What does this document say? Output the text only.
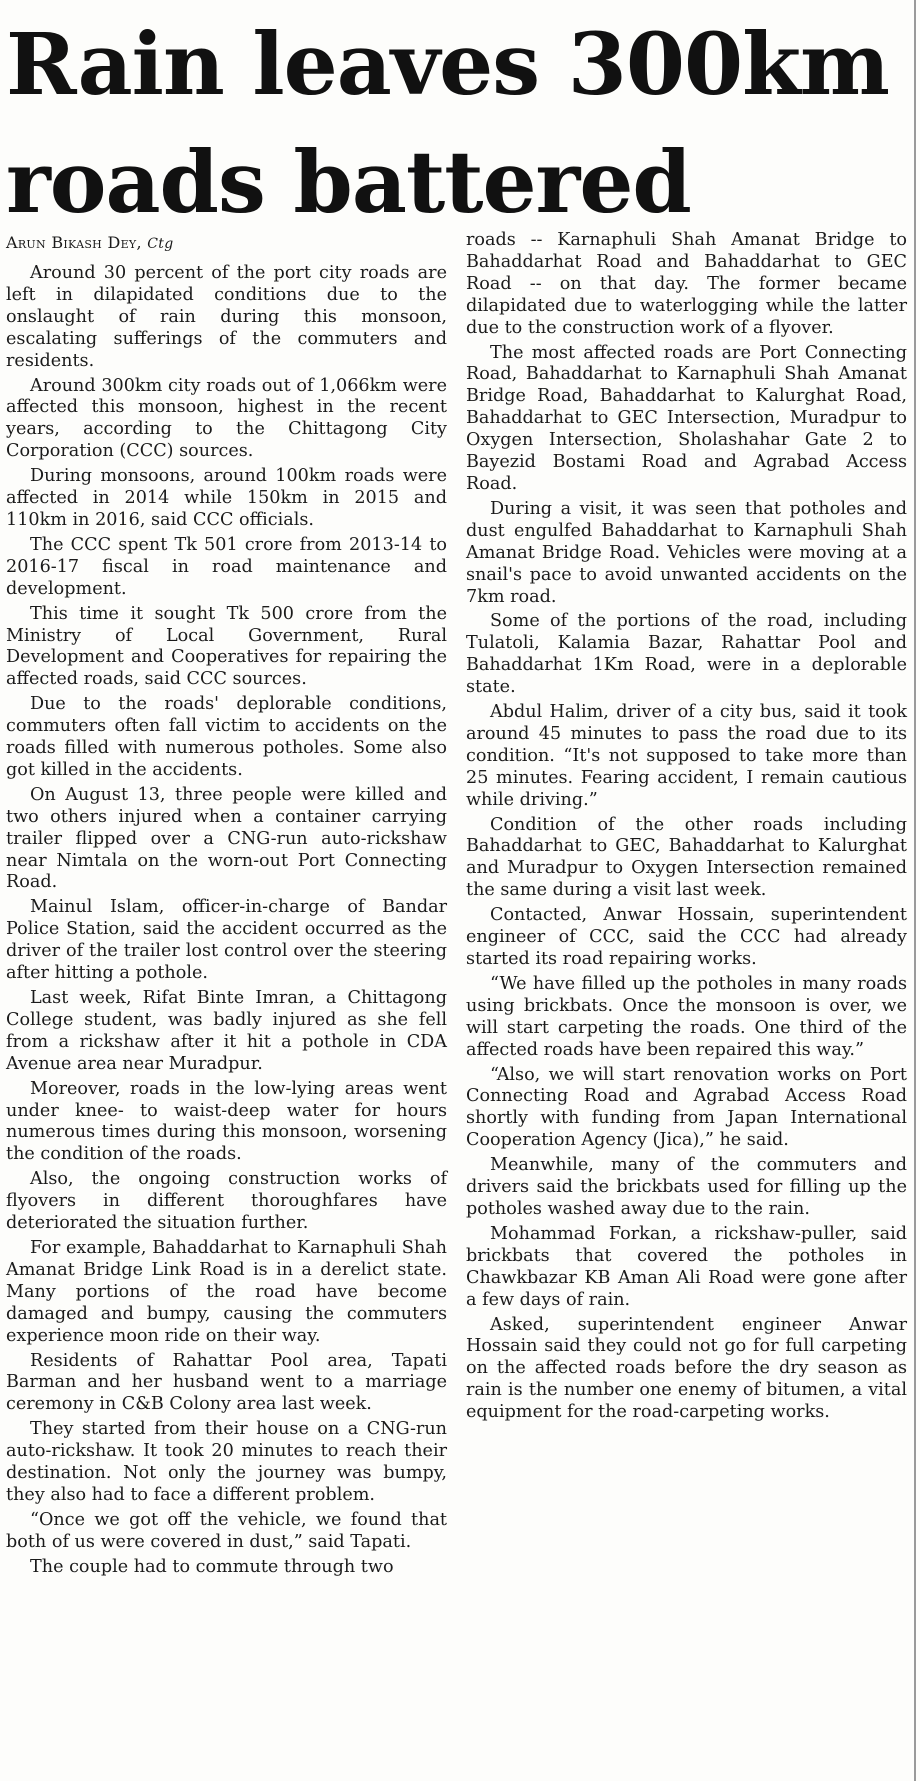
Rain leaves 300km roads battered
Arun Bikash Dey, Ctg

Around 30 percent of the port city roads are left in dilapidated conditions due to the onslaught of rain during this monsoon, escalating sufferings of the commuters and residents.

Around 300km city roads out of 1,066km were affected this monsoon, highest in the recent years, according to the Chittagong City Corporation (CCC) sources.

During monsoons, around 100km roads were affected in 2014 while 150km in 2015 and 110km in 2016, said CCC officials.

The CCC spent Tk 501 crore from 2013-14 to 2016-17 fiscal in road maintenance and development.

This time it sought Tk 500 crore from the Ministry of Local Government, Rural Development and Cooperatives for repairing the affected roads, said CCC sources.

Due to the roads' deplorable conditions, commuters often fall victim to accidents on the roads filled with numerous potholes. Some also got killed in the accidents.

On August 13, three people were killed and two others injured when a container carrying trailer flipped over a CNG-run auto-rickshaw near Nimtala on the worn-out Port Connecting Road.

Mainul Islam, officer-in-charge of Bandar Police Station, said the accident occurred as the driver of the trailer lost control over the steering after hitting a pothole.

Last week, Rifat Binte Imran, a Chittagong College student, was badly injured as she fell from a rickshaw after it hit a pothole in CDA Avenue area near Muradpur.

Moreover, roads in the low-lying areas went under knee- to waist-deep water for hours numerous times during this monsoon, worsening the condition of the roads.

Also, the ongoing construction works of flyovers in different thoroughfares have deteriorated the situation further.

For example, Bahaddarhat to Karnaphuli Shah Amanat Bridge Link Road is in a derelict state. Many portions of the road have become damaged and bumpy, causing the commuters experience moon ride on their way.

Residents of Rahattar Pool area, Tapati Barman and her husband went to a marriage ceremony in C&B Colony area last week.

They started from their house on a CNG-run auto-rickshaw. It took 20 minutes to reach their destination. Not only the journey was bumpy, they also had to face a different problem.

“Once we got off the vehicle, we found that both of us were covered in dust,” said Tapati.

The couple had to commute through two

roads -- Karnaphuli Shah Amanat Bridge to Bahaddarhat Road and Bahaddarhat to GEC Road -- on that day. The former became dilapidated due to waterlogging while the latter due to the construction work of a flyover.

The most affected roads are Port Connecting Road, Bahaddarhat to Karnaphuli Shah Amanat Bridge Road, Bahaddarhat to Kalurghat Road, Bahaddarhat to GEC Intersection, Muradpur to Oxygen Intersection, Sholashahar Gate 2 to Bayezid Bostami Road and Agrabad Access Road.

During a visit, it was seen that potholes and dust engulfed Bahaddarhat to Karnaphuli Shah Amanat Bridge Road. Vehicles were moving at a snail's pace to avoid unwanted accidents on the 7km road.

Some of the portions of the road, including Tulatoli, Kalamia Bazar, Rahattar Pool and Bahaddarhat 1Km Road, were in a deplorable state.

Abdul Halim, driver of a city bus, said it took around 45 minutes to pass the road due to its condition. “It's not supposed to take more than 25 minutes. Fearing accident, I remain cautious while driving.”

Condition of the other roads including Bahaddarhat to GEC, Bahaddarhat to Kalurghat and Muradpur to Oxygen Intersection remained the same during a visit last week.

Contacted, Anwar Hossain, superintendent engineer of CCC, said the CCC had already started its road repairing works.

“We have filled up the potholes in many roads using brickbats. Once the monsoon is over, we will start carpeting the roads. One third of the affected roads have been repaired this way.”

“Also, we will start renovation works on Port Connecting Road and Agrabad Access Road shortly with funding from Japan International Cooperation Agency (Jica),” he said.

Meanwhile, many of the commuters and drivers said the brickbats used for filling up the potholes washed away due to the rain.

Mohammad Forkan, a rickshaw-puller, said brickbats that covered the potholes in Chawkbazar KB Aman Ali Road were gone after a few days of rain.

Asked, superintendent engineer Anwar Hossain said they could not go for full carpeting on the affected roads before the dry season as rain is the number one enemy of bitumen, a vital equipment for the road-carpeting works.
